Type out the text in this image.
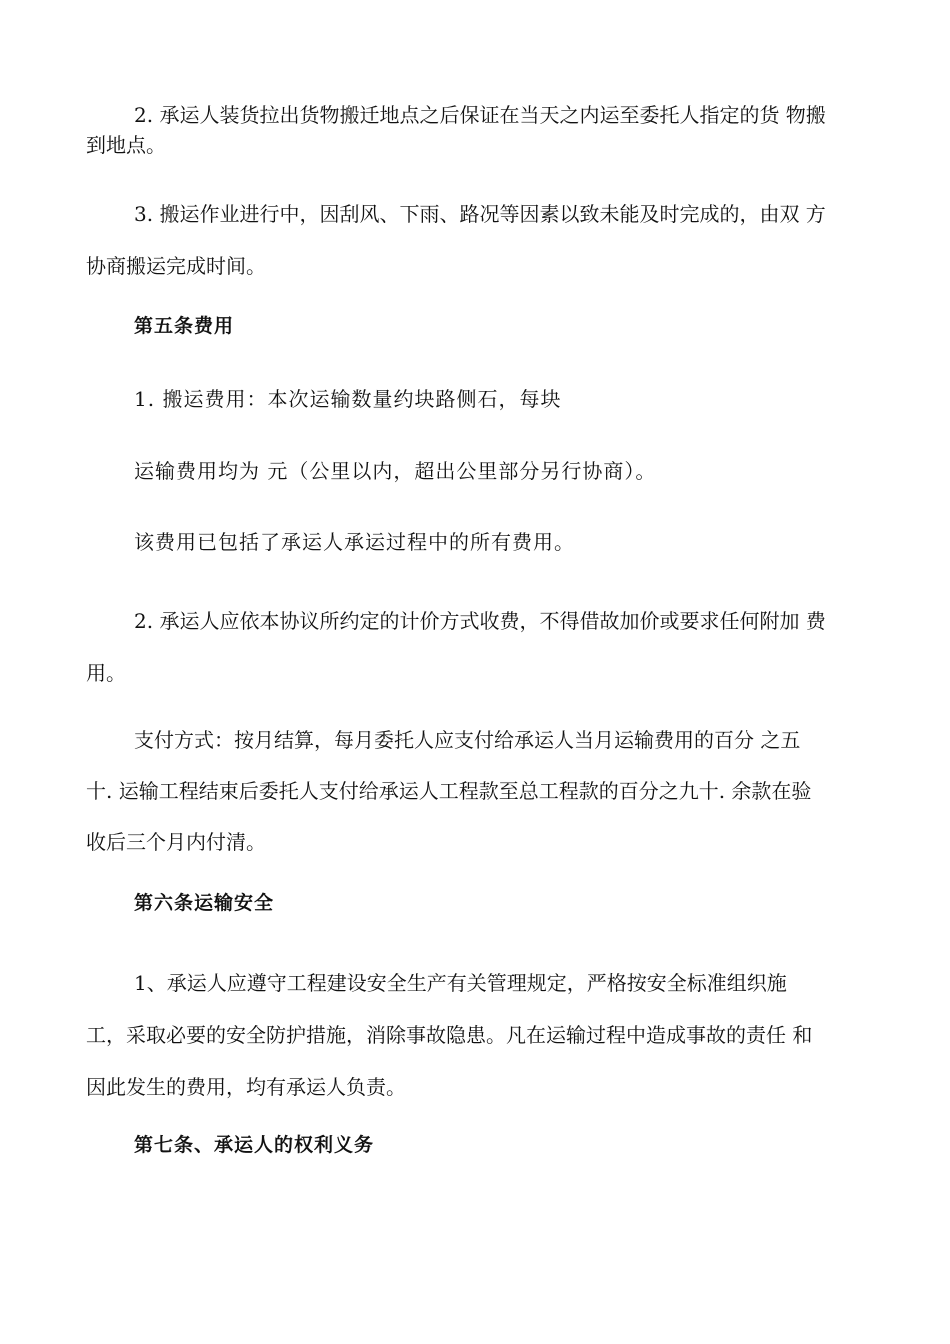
2. 承运人装货拉出货物搬迁地点之后保证在当天之内运至委托人指定的货 物搬
到地点。
3. 搬运作业进行中，因刮风、下雨、路况等因素以致未能及时完成的，由双 方
协商搬运完成时间。
第五条费用
1. 搬运费用：本次运输数量约块路侧石，每块
运输费用均为 元（公里以内，超出公里部分另行协商）。
该费用已包括了承运人承运过程中的所有费用。
2. 承运人应依本协议所约定的计价方式收费，不得借故加价或要求任何附加 费
用。
支付方式：按月结算，每月委托人应支付给承运人当月运输费用的百分 之五
十. 运输工程结束后委托人支付给承运人工程款至总工程款的百分之九十. 余款在验
收后三个月内付清。
第六条运输安全
1、承运人应遵守工程建设安全生产有关管理规定，严格按安全标准组织施
工，采取必要的安全防护措施，消除事故隐患。凡在运输过程中造成事故的责任 和
因此发生的费用，均有承运人负责。
第七条、承运人的权利义务
